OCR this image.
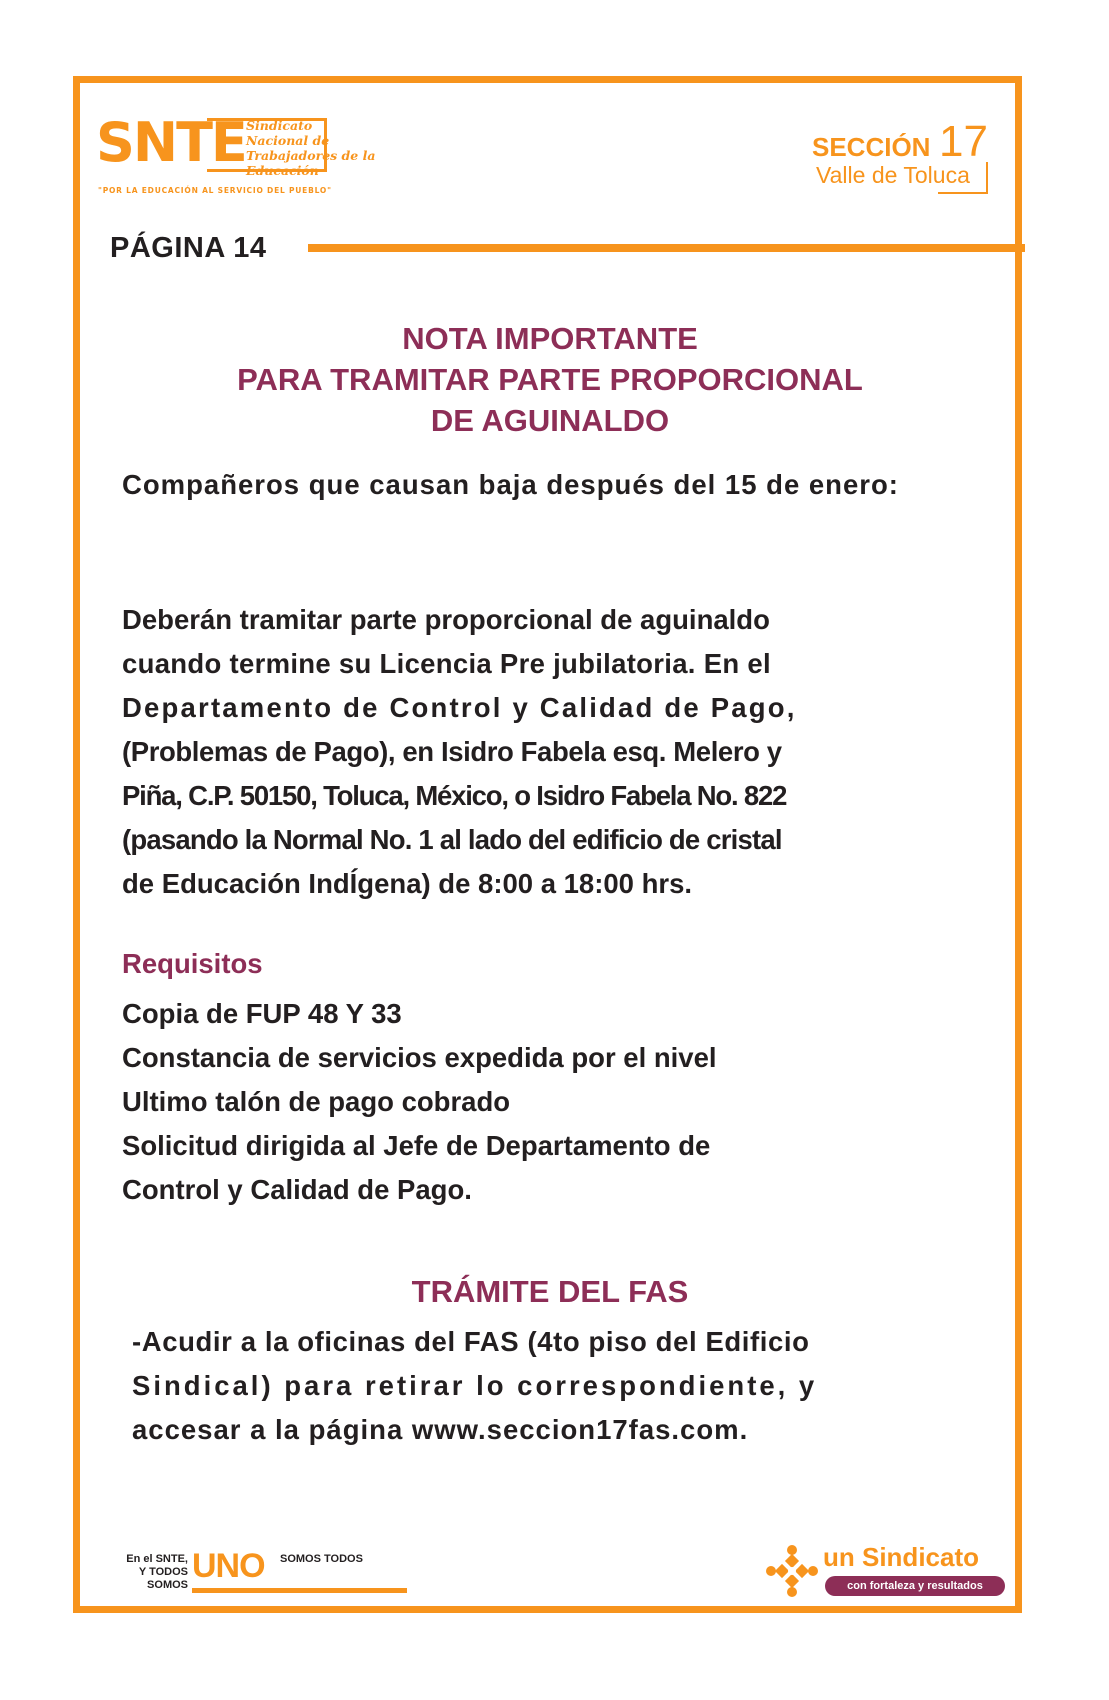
SNTE Sindicato
Nacional de
Trabajadores de la
Educación
"POR LA EDUCACIÓN AL SERVICIO DEL PUEBLO"
SECCIÓN 17
Valle de Toluca
PÁGINA 14
NOTA IMPORTANTE
PARA TRAMITAR PARTE PROPORCIONAL
DE AGUINALDO
Compañeros que causan baja después del 15 de enero:
Deberán tramitar parte proporcional de aguinaldo
cuando termine su Licencia Pre jubilatoria. En el
Departamento de Control y Calidad de Pago,
(Problemas de Pago), en Isidro Fabela esq. Melero y
Piña, C.P. 50150, Toluca, México, o Isidro Fabela No. 822
(pasando la Normal No. 1 al lado del edificio de cristal
de Educación IndÍgena) de 8:00 a 18:00 hrs.
Requisitos
Copia de FUP 48 Y 33
Constancia de servicios expedida por el nivel
Ultimo talón de pago cobrado
Solicitud dirigida al Jefe de Departamento de
Control y Calidad de Pago.
TRÁMITE DEL FAS
-Acudir a la oficinas del FAS (4to piso del Edificio
Sindical) para retirar lo correspondiente, y
accesar a la página www.seccion17fas.com.
En el SNTE,
Y TODOS SOMOS UNO SOMOS TODOS	un Sindicato
con fortaleza y resultados
